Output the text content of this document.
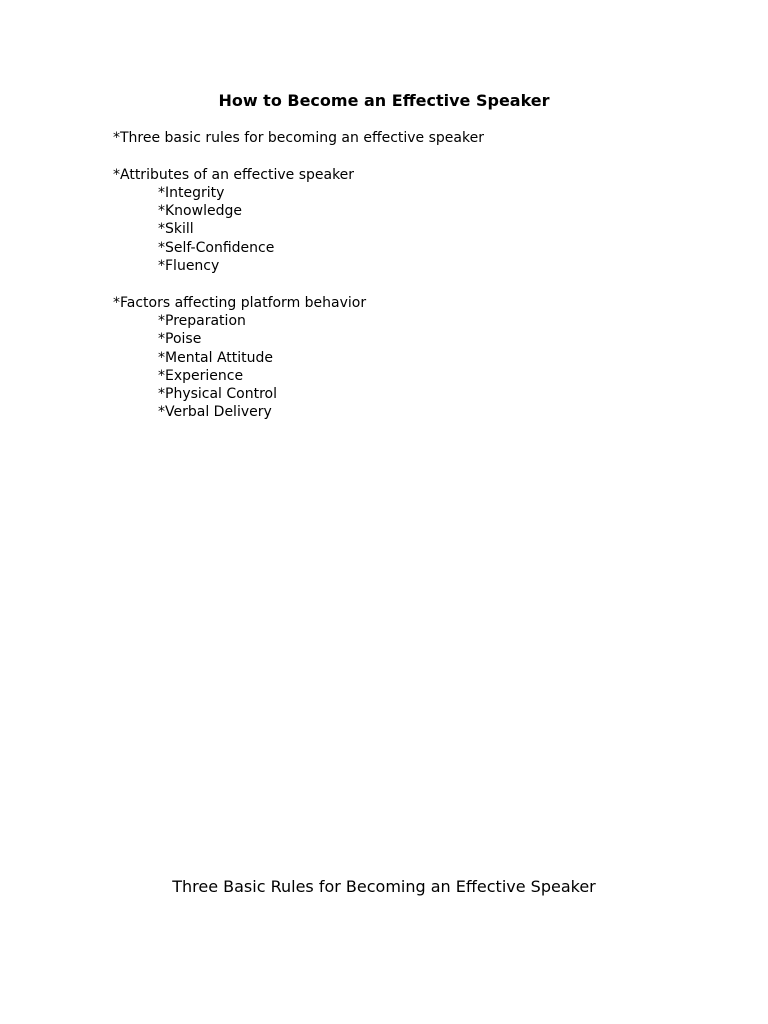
How to Become an Effective Speaker
*Three basic rules for becoming an effective speaker
*Attributes of an effective speaker
*Integrity
*Knowledge
*Skill
*Self-Confidence
*Fluency
*Factors affecting platform behavior
*Preparation
*Poise
*Mental Attitude
*Experience
*Physical Control
*Verbal Delivery
Three Basic Rules for Becoming an Effective Speaker
